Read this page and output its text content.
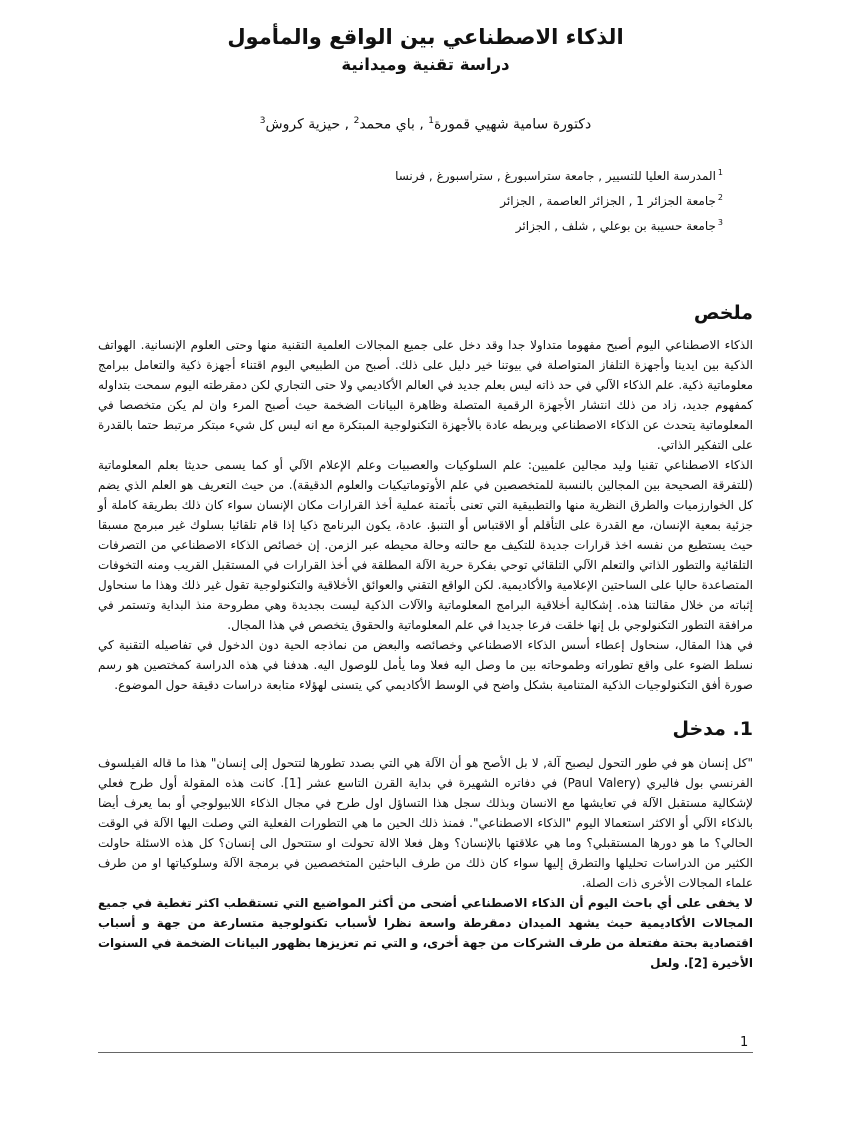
الذكاء الاصطناعي بين الواقع والمأمول

دراسة تقنية وميدانية

دكتورة سامية شهيي قمورة$^1$ , باي محمد$^2$ , حيزية كروش$^3$

$^1$المدرسة العليا للتسيير , جامعة ستراسبورغ , ستراسبورغ , فرنسا
$^2$جامعة الجزائر 1 , الجزائر العاصمة , الجزائر
$^3$جامعة حسيبة بن بوعلي , شلف , الجزائر
ملخص

الذكاء الاصطناعي اليوم أصبح مفهوما متداولا جدا وقد دخل على جميع المجالات العلمية التقنية منها وحتى العلوم الإنسانية. الهواتف الذكية بين ايدينا وأجهزة التلفاز المتواصلة في بيوتنا خير دليل على ذلك. أصبح من الطبيعي اليوم اقتناء أجهزة ذكية والتعامل ببرامج معلوماتية ذكية. علم الذكاء الآلي في حد ذاته ليس بعلم جديد في العالم الأكاديمي ولا حتى التجاري لكن دمقرطته اليوم سمحت بتداوله كمفهوم جديد، زاد من ذلك انتشار الأجهزة الرقمية المتصلة وظاهرة البيانات الضخمة حيث أصبح المرء وان لم يكن متخصصا في المعلوماتية يتحدث عن الذكاء الاصطناعي ويربطه عادة بالأجهزة التكنولوجية المبتكرة مع انه ليس كل شيء مبتكر مرتبط حتما بالقدرة على التفكير الذاتي.

الذكاء الاصطناعي تقنيا وليد مجالين علميين: علم السلوكيات والعصبيات وعلم الإعلام الآلي أو كما يسمى حديثا بعلم المعلوماتية (للتفرقة الصحيحة بين المجالين بالنسبة للمتخصصين في علم الأوتوماتيكيات والعلوم الدقيقة). من حيث التعريف هو العلم الذي يضم كل الخوارزميات والطرق النظرية منها والتطبيقية التي تعنى بأتمتة عملية أخذ القرارات مكان الإنسان سواء كان ذلك بطريقة كاملة أو جزئية بمعية الإنسان، مع القدرة على التأقلم أو الاقتباس أو التنبؤ. عادة، يكون البرنامج ذكيا إذا قام تلقائيا بسلوك غير مبرمج مسبقا حيث يستطيع من نفسه اخذ قرارات جديدة للتكيف مع حالته وحالة محيطه عبر الزمن. إن خصائص الذكاء الاصطناعي من التصرفات التلقائية والتطور الذاتي والتعلم الآلي التلقائي توحي بفكرة حرية الآلة المطلقة في أخذ القرارات في المستقبل القريب ومنه التخوفات المتصاعدة حاليا على الساحتين الإعلامية والأكاديمية. لكن الواقع التقني والعوائق الأخلاقية والتكنولوجية تقول غير ذلك وهذا ما سنحاول إثباته من خلال مقالتنا هذه. إشكالية أخلاقية البرامج المعلوماتية والآلات الذكية ليست بجديدة وهي مطروحة منذ البداية وتستمر في مرافقة التطور التكنولوجي بل إنها خلقت فرعا جديدا في علم المعلوماتية والحقوق يتخصص في هذا المجال.

في هذا المقال، سنحاول إعطاء أسس الذكاء الاصطناعي وخصائصه والبعض من نماذجه الحية دون الدخول في تفاصيله التقنية كي نسلط الضوء على واقع تطوراته وطموحاته بين ما وصل اليه فعلا وما يأمل للوصول اليه. هدفنا في هذه الدراسة كمختصين هو رسم صورة أفق التكنولوجيات الذكية المتنامية بشكل واضح في الوسط الأكاديمي كي يتسنى لهؤلاء متابعة دراسات دقيقة حول الموضوع.

1. مدخل

"كل إنسان هو في طور التحول ليصبح آلة, لا بل الأصح هو أن الآلة هي التي بصدد تطورها لتتحول إلى إنسان" هذا ما قاله الفيلسوف الفرنسي بول فاليري (Paul Valery) في دفاتره الشهيرة في بداية القرن التاسع عشر [1]. كانت هذه المقولة أول طرح فعلي لإشكالية مستقبل الآلة في تعايشها مع الانسان وبذلك سجل هذا التساؤل اول طرح في مجال الذكاء اللابيولوجي أو بما يعرف أيضا بالذكاء الآلي أو الاكثر استعمالا اليوم "الذكاء الاصطناعي". فمنذ ذلك الحين ما هي التطورات الفعلية التي وصلت اليها الآلة في الوقت الحالي؟ ما هو دورها المستقبلي؟ وما هي علاقتها بالإنسان؟ وهل فعلا الالة تحولت او ستتحول الى إنسان؟ كل هذه الاسئلة حاولت الكثير من الدراسات تحليلها والتطرق إليها سواء كان ذلك من طرف الباحثين المتخصصين في برمجة الآلة وسلوكياتها او من طرف علماء المجالات الأخرى ذات الصلة.

لا يخفى على أي باحث اليوم أن الذكاء الاصطناعي أضحى من أكثر المواضيع التي تستقطب اكثر تغطية في جميع المجالات الأكاديمية حيث يشهد الميدان دمقرطة واسعة نظرا لأسباب تكنولوجية متسارعة من جهة و أسباب اقتصادية بحتة مفتعلة من طرف الشركات من جهة أخرى، و التي تم تعزيزها بظهور البيانات الضخمة في السنوات الأخيرة [2]. ولعل

1
